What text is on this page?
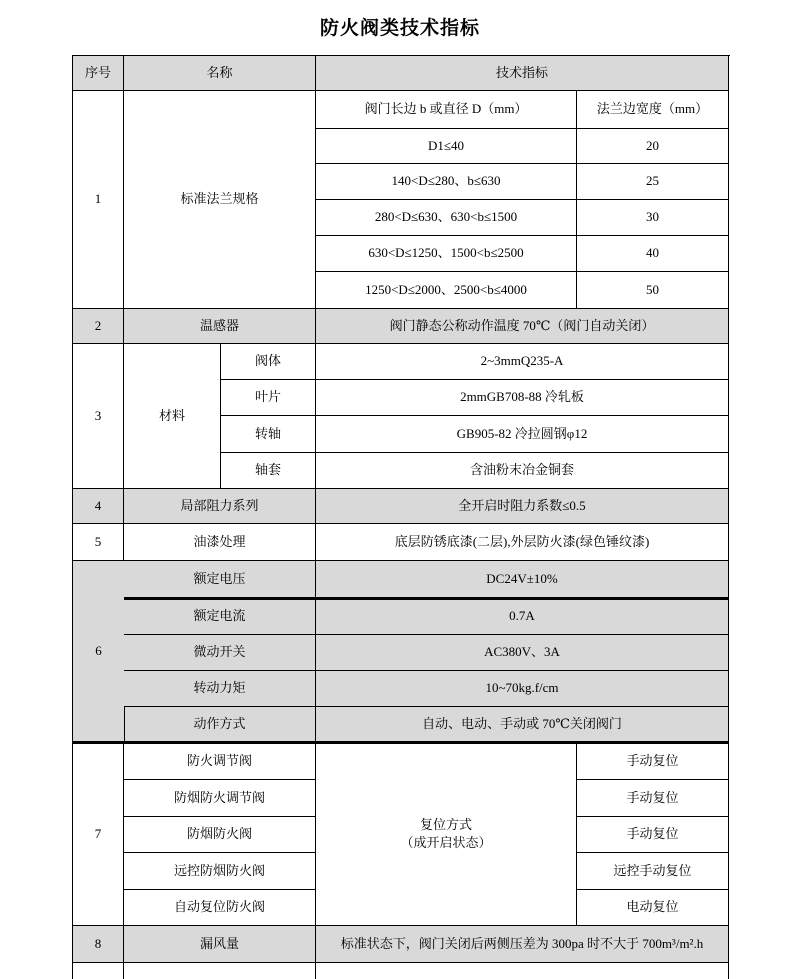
防火阀类技术指标
序号	名称	技术指标
1	标准法兰规格
阀门长边 b 或直径 D（mm）	法兰边宽度（mm）
D1≤40	20
140<D≤280、b≤630	25
280<D≤630、630<b≤1500	30
630<D≤1250、1500<b≤2500	40
1250<D≤2000、2500<b≤4000	50
2	温感器	阀门静态公称动作温度 70℃（阀门自动关闭）
3	材料
阀体	2~3mmQ235-A
叶片	2mmGB708-88 冷轧板
转轴	GB905-82 冷拉圆钢φ12
轴套	含油粉末冶金铜套
4	局部阻力系列	全开启时阻力系数≤0.5
5	油漆处理	底层防锈底漆(二层),外层防火漆(绿色锤纹漆)
6
额定电压	DC24V±10%
额定电流	0.7A
微动开关	AC380V、3A
转动力矩	10~70kg.f/cm
动作方式	自动、电动、手动或 70℃关闭阀门
7
复位方式
（成开启状态）
防火调节阀	手动复位
防烟防火调节阀	手动复位
防烟防火阀	手动复位
远控防烟防火阀	远控手动复位
自动复位防火阀	电动复位
8	漏风量	标准状态下，阀门关闭后两侧压差为 300pa 时不大于 700m³/m².h
